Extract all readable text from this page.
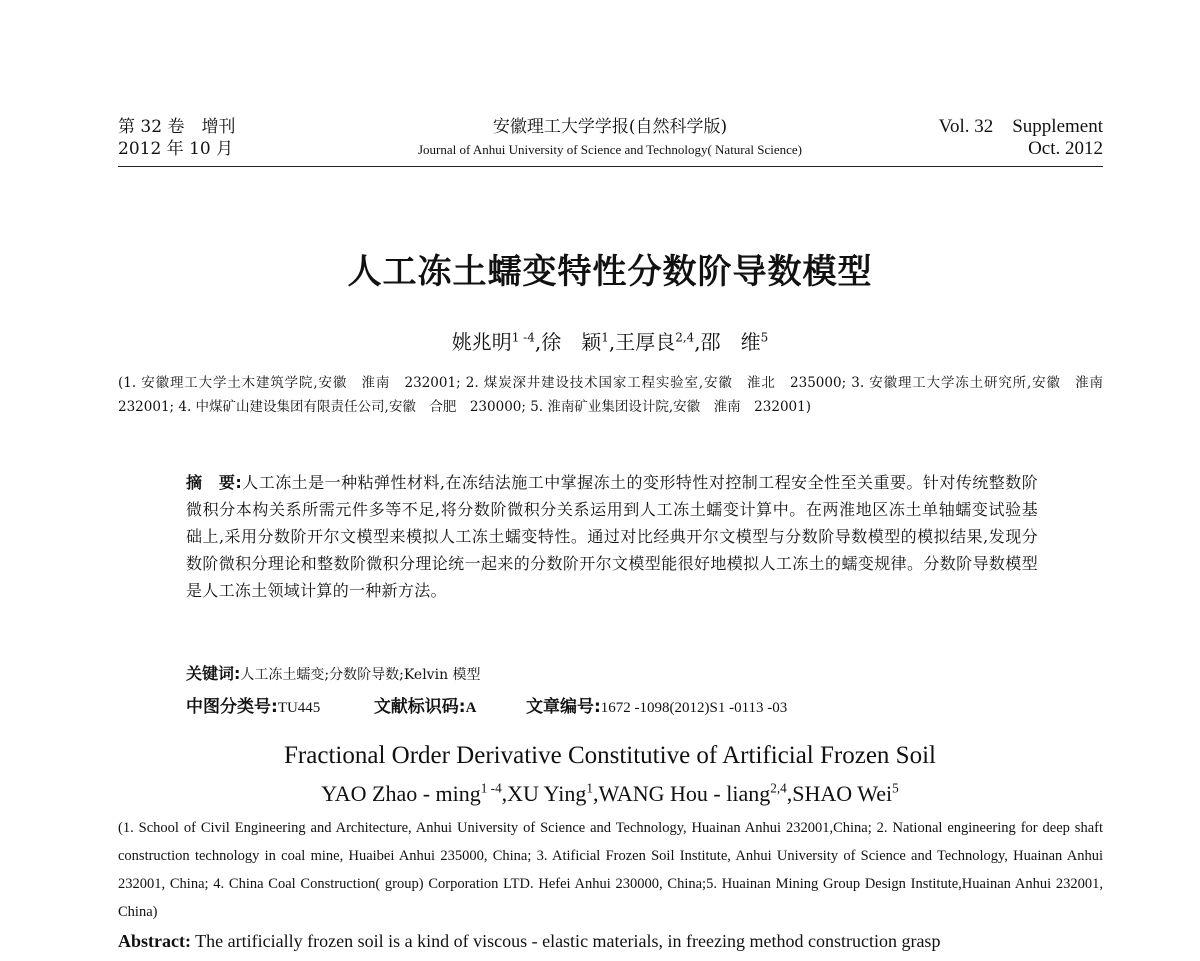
第 32 卷　增刊
2012 年 10 月
安徽理工大学学报(自然科学版)
Journal of Anhui University of Science and Technology( Natural Science)
Vol. 32　Supplement
Oct. 2012
人工冻土蠕变特性分数阶导数模型
姚兆明$^{1 -4}$,徐　颖$^1$,王厚良$^{2,4}$,邵　维$^5$
(1. 安徽理工大学土木建筑学院,安徽　淮南　232001; 2. 煤炭深井建设技术国家工程实验室,安徽　淮北　235000; 3. 安徽理工大学冻土研究所,安徽　淮南　232001; 4. 中煤矿山建设集团有限责任公司,安徽　合肥　230000; 5. 淮南矿业集团设计院,安徽　淮南　232001)
摘　要:人工冻土是一种粘弹性材料,在冻结法施工中掌握冻土的变形特性对控制工程安全性至关重要。针对传统整数阶微积分本构关系所需元件多等不足,将分数阶微积分关系运用到人工冻土蠕变计算中。在两淮地区冻土单轴蠕变试验基础上,采用分数阶开尔文模型来模拟人工冻土蠕变特性。通过对比经典开尔文模型与分数阶导数模型的模拟结果,发现分数阶微积分理论和整数阶微积分理论统一起来的分数阶开尔文模型能很好地模拟人工冻土的蠕变规律。分数阶导数模型是人工冻土领域计算的一种新方法。
关键词:人工冻土蠕变;分数阶导数;Kelvin 模型
中图分类号:TU445	文献标识码:A	文章编号:1672 -1098(2012)S1 -0113 -03
Fractional Order Derivative Constitutive of Artificial Frozen Soil
YAO Zhao - ming$^{1 -4}$,XU Ying$^1$,WANG Hou - liang$^{2,4}$,SHAO Wei$^5$
(1. School of Civil Engineering and Architecture, Anhui University of Science and Technology, Huainan Anhui 232001,China; 2. National engineering for deep shaft construction technology in coal mine, Huaibei Anhui 235000, China; 3. Atificial Frozen Soil Institute, Anhui University of Science and Technology, Huainan Anhui 232001, China; 4. China Coal Construction( group) Corporation LTD. Hefei Anhui 230000, China;5. Huainan Mining Group Design Institute,Huainan Anhui 232001, China)
Abstract: The artificially frozen soil is a kind of viscous - elastic materials, in freezing method construction grasp
